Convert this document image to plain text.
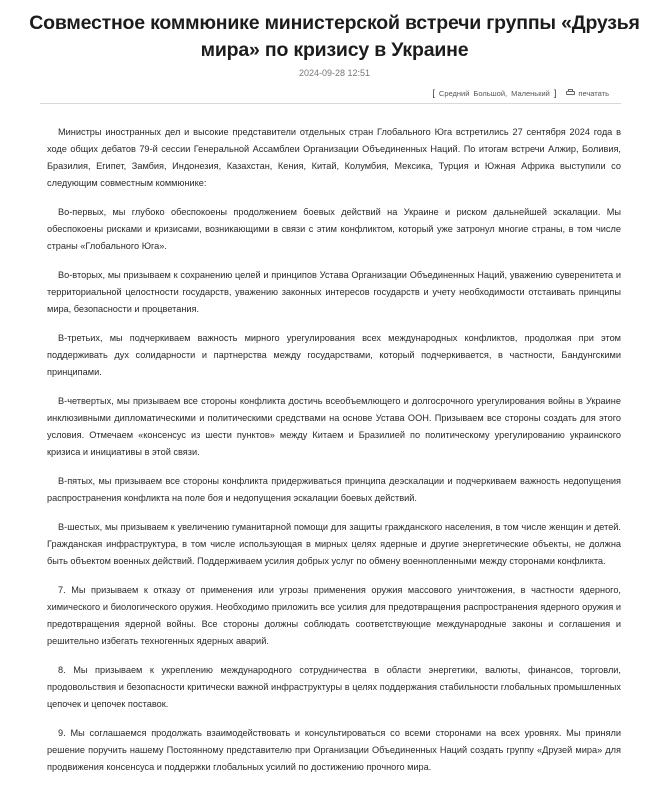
Совместное коммюнике министерской встречи группы «Друзья мира» по кризису в Украине
2024-09-28 12:51
[ Средний Большой, Маленький ]	печатать

Министры иностранных дел и высокие представители отдельных стран Глобального Юга встретились 27 сентября 2024 года в ходе общих дебатов 79-й сессии Генеральной Ассамблеи Организации Объединенных Наций. По итогам встречи Алжир, Боливия, Бразилия, Египет, Замбия, Индонезия, Казахстан, Кения, Китай, Колумбия, Мексика, Турция и Южная Африка выступили со следующим совместным коммюнике:

Во-первых, мы глубоко обеспокоены продолжением боевых действий на Украине и риском дальнейшей эскалации. Мы обеспокоены рисками и кризисами, возникающими в связи с этим конфликтом, который уже затронул многие страны, в том числе страны «Глобального Юга».

Во-вторых, мы призываем к сохранению целей и принципов Устава Организации Объединенных Наций, уважению суверенитета и территориальной целостности государств, уважению законных интересов государств и учету необходимости отстаивать принципы мира, безопасности и процветания.

В-третьих, мы подчеркиваем важность мирного урегулирования всех международных конфликтов, продолжая при этом поддерживать дух солидарности и партнерства между государствами, который подчеркивается, в частности, Бандунгскими принципами.

В-четвертых, мы призываем все стороны конфликта достичь всеобъемлющего и долгосрочного урегулирования войны в Украине инклюзивными дипломатическими и политическими средствами на основе Устава ООН. Призываем все стороны создать для этого условия. Отмечаем «консенсус из шести пунктов» между Китаем и Бразилией по политическому урегулированию украинского кризиса и инициативы в этой связи.

В-пятых, мы призываем все стороны конфликта придерживаться принципа деэскалации и подчеркиваем важность недопущения распространения конфликта на поле боя и недопущения эскалации боевых действий.

В-шестых, мы призываем к увеличению гуманитарной помощи для защиты гражданского населения, в том числе женщин и детей. Гражданская инфраструктура, в том числе использующая в мирных целях ядерные и другие энергетические объекты, не должна быть объектом военных действий. Поддерживаем усилия добрых услуг по обмену военнопленными между сторонами конфликта.

7. Мы призываем к отказу от применения или угрозы применения оружия массового уничтожения, в частности ядерного, химического и биологического оружия. Необходимо приложить все усилия для предотвращения распространения ядерного оружия и предотвращения ядерной войны. Все стороны должны соблюдать соответствующие международные законы и соглашения и решительно избегать техногенных ядерных аварий.

8. Мы призываем к укреплению международного сотрудничества в области энергетики, валюты, финансов, торговли, продовольствия и безопасности критически важной инфраструктуры в целях поддержания стабильности глобальных промышленных цепочек и цепочек поставок.

9. Мы соглашаемся продолжать взаимодействовать и консультироваться со всеми сторонами на всех уровнях. Мы приняли решение поручить нашему Постоянному представителю при Организации Объединенных Наций создать группу «Друзей мира» для продвижения консенсуса и поддержки глобальных усилий по достижению прочного мира.
